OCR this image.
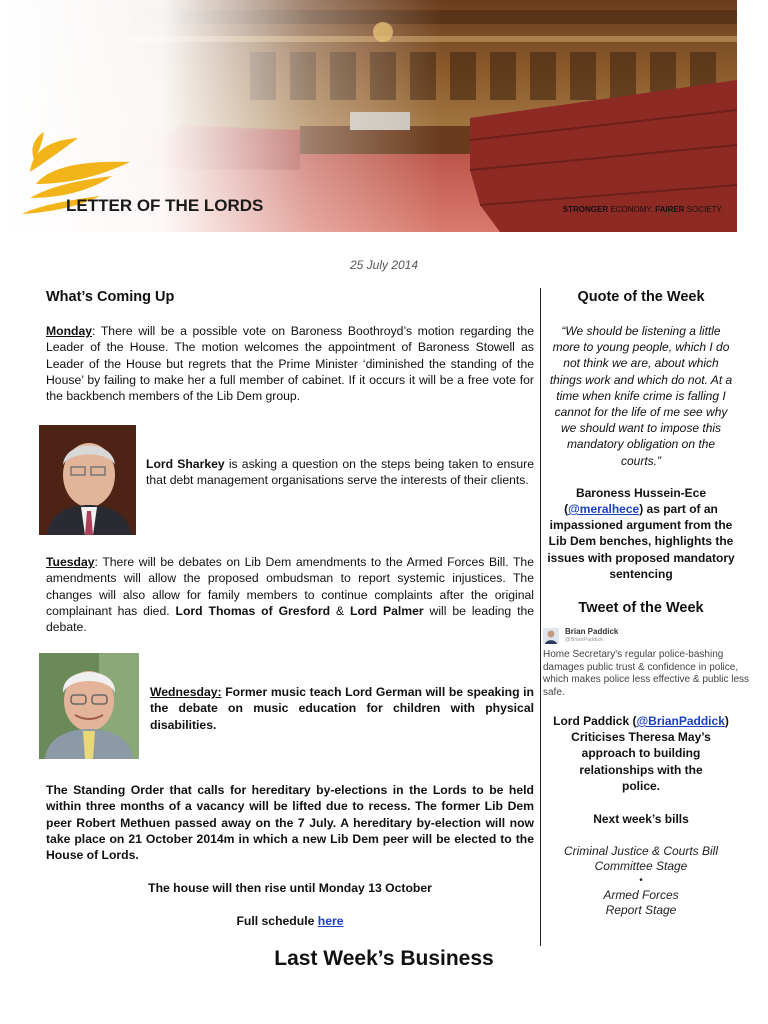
LETTER OF THE LORDS	STRONGER ECONOMY. FAIRER SOCIETY.
25 July 2014

What’s Coming Up

Monday: There will be a possible vote on Baroness Boothroyd’s motion regarding the Leader of the House. The motion welcomes the appointment of Baroness Stowell as Leader of the House but regrets that the Prime Minister ‘diminished the standing of the House’ by failing to make her a full member of cabinet. If it occurs it will be a free vote for the backbench members of the Lib Dem group.

Lord Sharkey is asking a question on the steps being taken to ensure that debt management organisations serve the interests of their clients.

Tuesday: There will be debates on Lib Dem amendments to the Armed Forces Bill. The amendments will allow the proposed ombudsman to report systemic injustices. The changes will also allow for family members to continue complaints after the original complainant has died. Lord Thomas of Gresford & Lord Palmer will be leading the debate.

Wednesday: Former music teach Lord German will be speaking in the debate on music education for children with physical disabilities.

The Standing Order that calls for hereditary by-elections in the Lords to be held within three months of a vacancy will be lifted due to recess. The former Lib Dem peer Robert Methuen passed away on the 7 July. A hereditary by-election will now take place on 21 October 2014m in which a new Lib Dem peer will be elected to the House of Lords.

The house will then rise until Monday 13 October

Full schedule here

Quote of the Week

“We should be listening a little more to young people, which I do not think we are, about which things work and which do not. At a time when knife crime is falling I cannot for the life of me see why we should want to impose this mandatory obligation on the courts.”

Baroness Hussein-Ece
(@meralhece) as part of an impassioned argument from the Lib Dem benches, highlights the issues with proposed mandatory sentencing

Tweet of the Week

Brian Paddick
@BrianPaddick
Home Secretary's regular police-bashing damages public trust & confidence in police, which makes police less effective & public less safe.

Lord Paddick (@BrianPaddick)

Criticises Theresa May’s approach to building relationships with the police.

Next week’s bills

Criminal Justice & Courts Bill
Committee Stage
•
Armed Forces
Report Stage
Last Week’s Business
